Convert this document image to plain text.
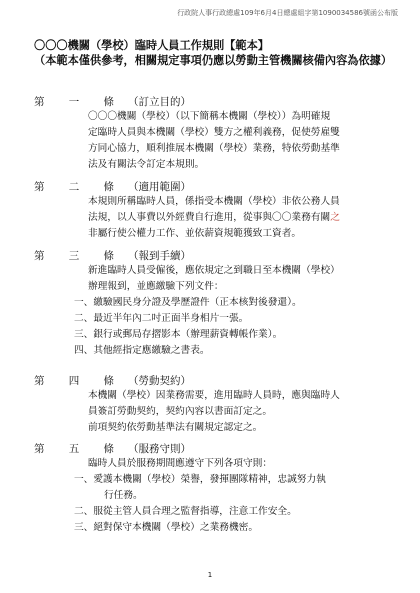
行政院人事行政總處109年6月4日總處組字第1090034586號函公布版
〇〇〇機關（學校）臨時人員工作規則【範本】
（本範本僅供參考，相關規定事項仍應以勞動主管機關核備內容為依據）
第 一 條 （訂立目的）

〇〇〇機關（學校）（以下簡稱本機關（學校））為明確規

定臨時人員與本機關（學校）雙方之權利義務，促使勞雇雙

方同心協力，順利推展本機關（學校）業務，特依勞動基準

法及有關法令訂定本規則。

第 二 條 （適用範圍）

本規則所稱臨時人員，係指受本機關（學校）非依公務人員

法規，以人事費以外經費自行進用，從事與〇〇業務有關之

非屬行使公權力工作、並依薪資規範獲致工資者。

第 三 條 （報到手續）

新進臨時人員受僱後，應依規定之到職日至本機關（學校）

辦理報到，並應繳驗下列文件：

一、繳驗國民身分證及學歷證件（正本核對後發還）。

二、最近半年內二吋正面半身相片一張。

三、銀行或郵局存摺影本（辦理薪資轉帳作業）。

四、其他經指定應繳驗之書表。

第 四 條 （勞動契約）

本機關（學校）因業務需要，進用臨時人員時，應與臨時人

員簽訂勞動契約，契約內容以書面訂定之。

前項契約依勞動基準法有關規定認定之。

第 五 條 （服務守則）

臨時人員於服務期間應遵守下列各項守則：

一、愛護本機關（學校）榮譽，發揮團隊精神，忠誠努力執

行任務。

二、服從主管人員合理之監督指導，注意工作安全。

三、絕對保守本機關（學校）之業務機密。

1
